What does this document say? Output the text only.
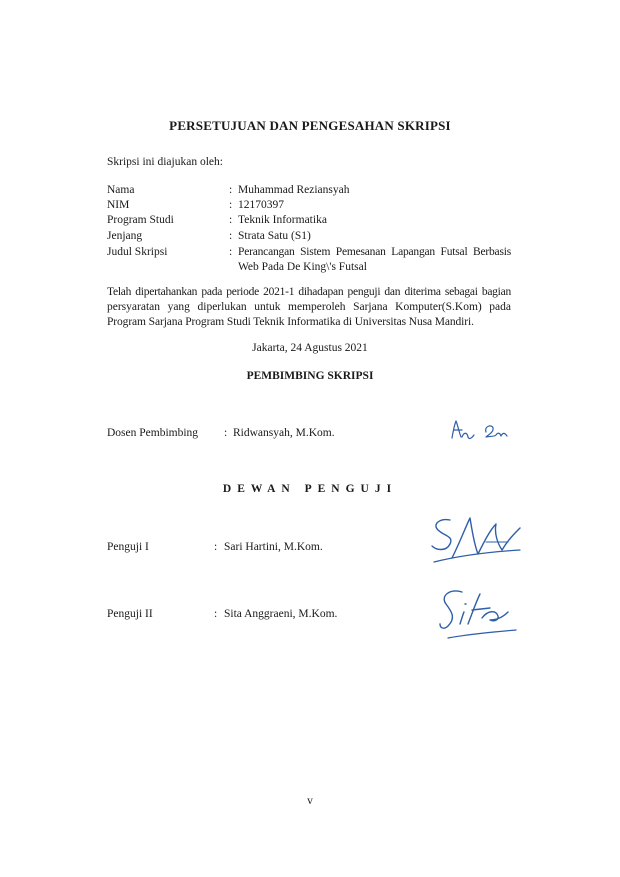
PERSETUJUAN DAN PENGESAHAN SKRIPSI
Skripsi ini diajukan oleh:
Nama	: Muhammad Reziansyah
NIM	: 12170397
Program Studi	: Teknik Informatika
Jenjang	: Strata Satu (S1)
Judul Skripsi	: Perancangan Sistem Pemesanan Lapangan Futsal Berbasis
Web Pada De King\'s Futsal
Telah dipertahankan pada periode 2021-1 dihadapan penguji dan diterima sebagai bagian
persyaratan yang diperlukan untuk memperoleh Sarjana Komputer(S.Kom) pada
Program Sarjana Program Studi Teknik Informatika di Universitas Nusa Mandiri.
Jakarta, 24 Agustus 2021
PEMBIMBING SKRIPSI
Dosen Pembimbing : Ridwansyah, M.Kom.
DEWAN PENGUJI
Penguji I	: Sari Hartini, M.Kom.
Penguji II	: Sita Anggraeni, M.Kom.
v
